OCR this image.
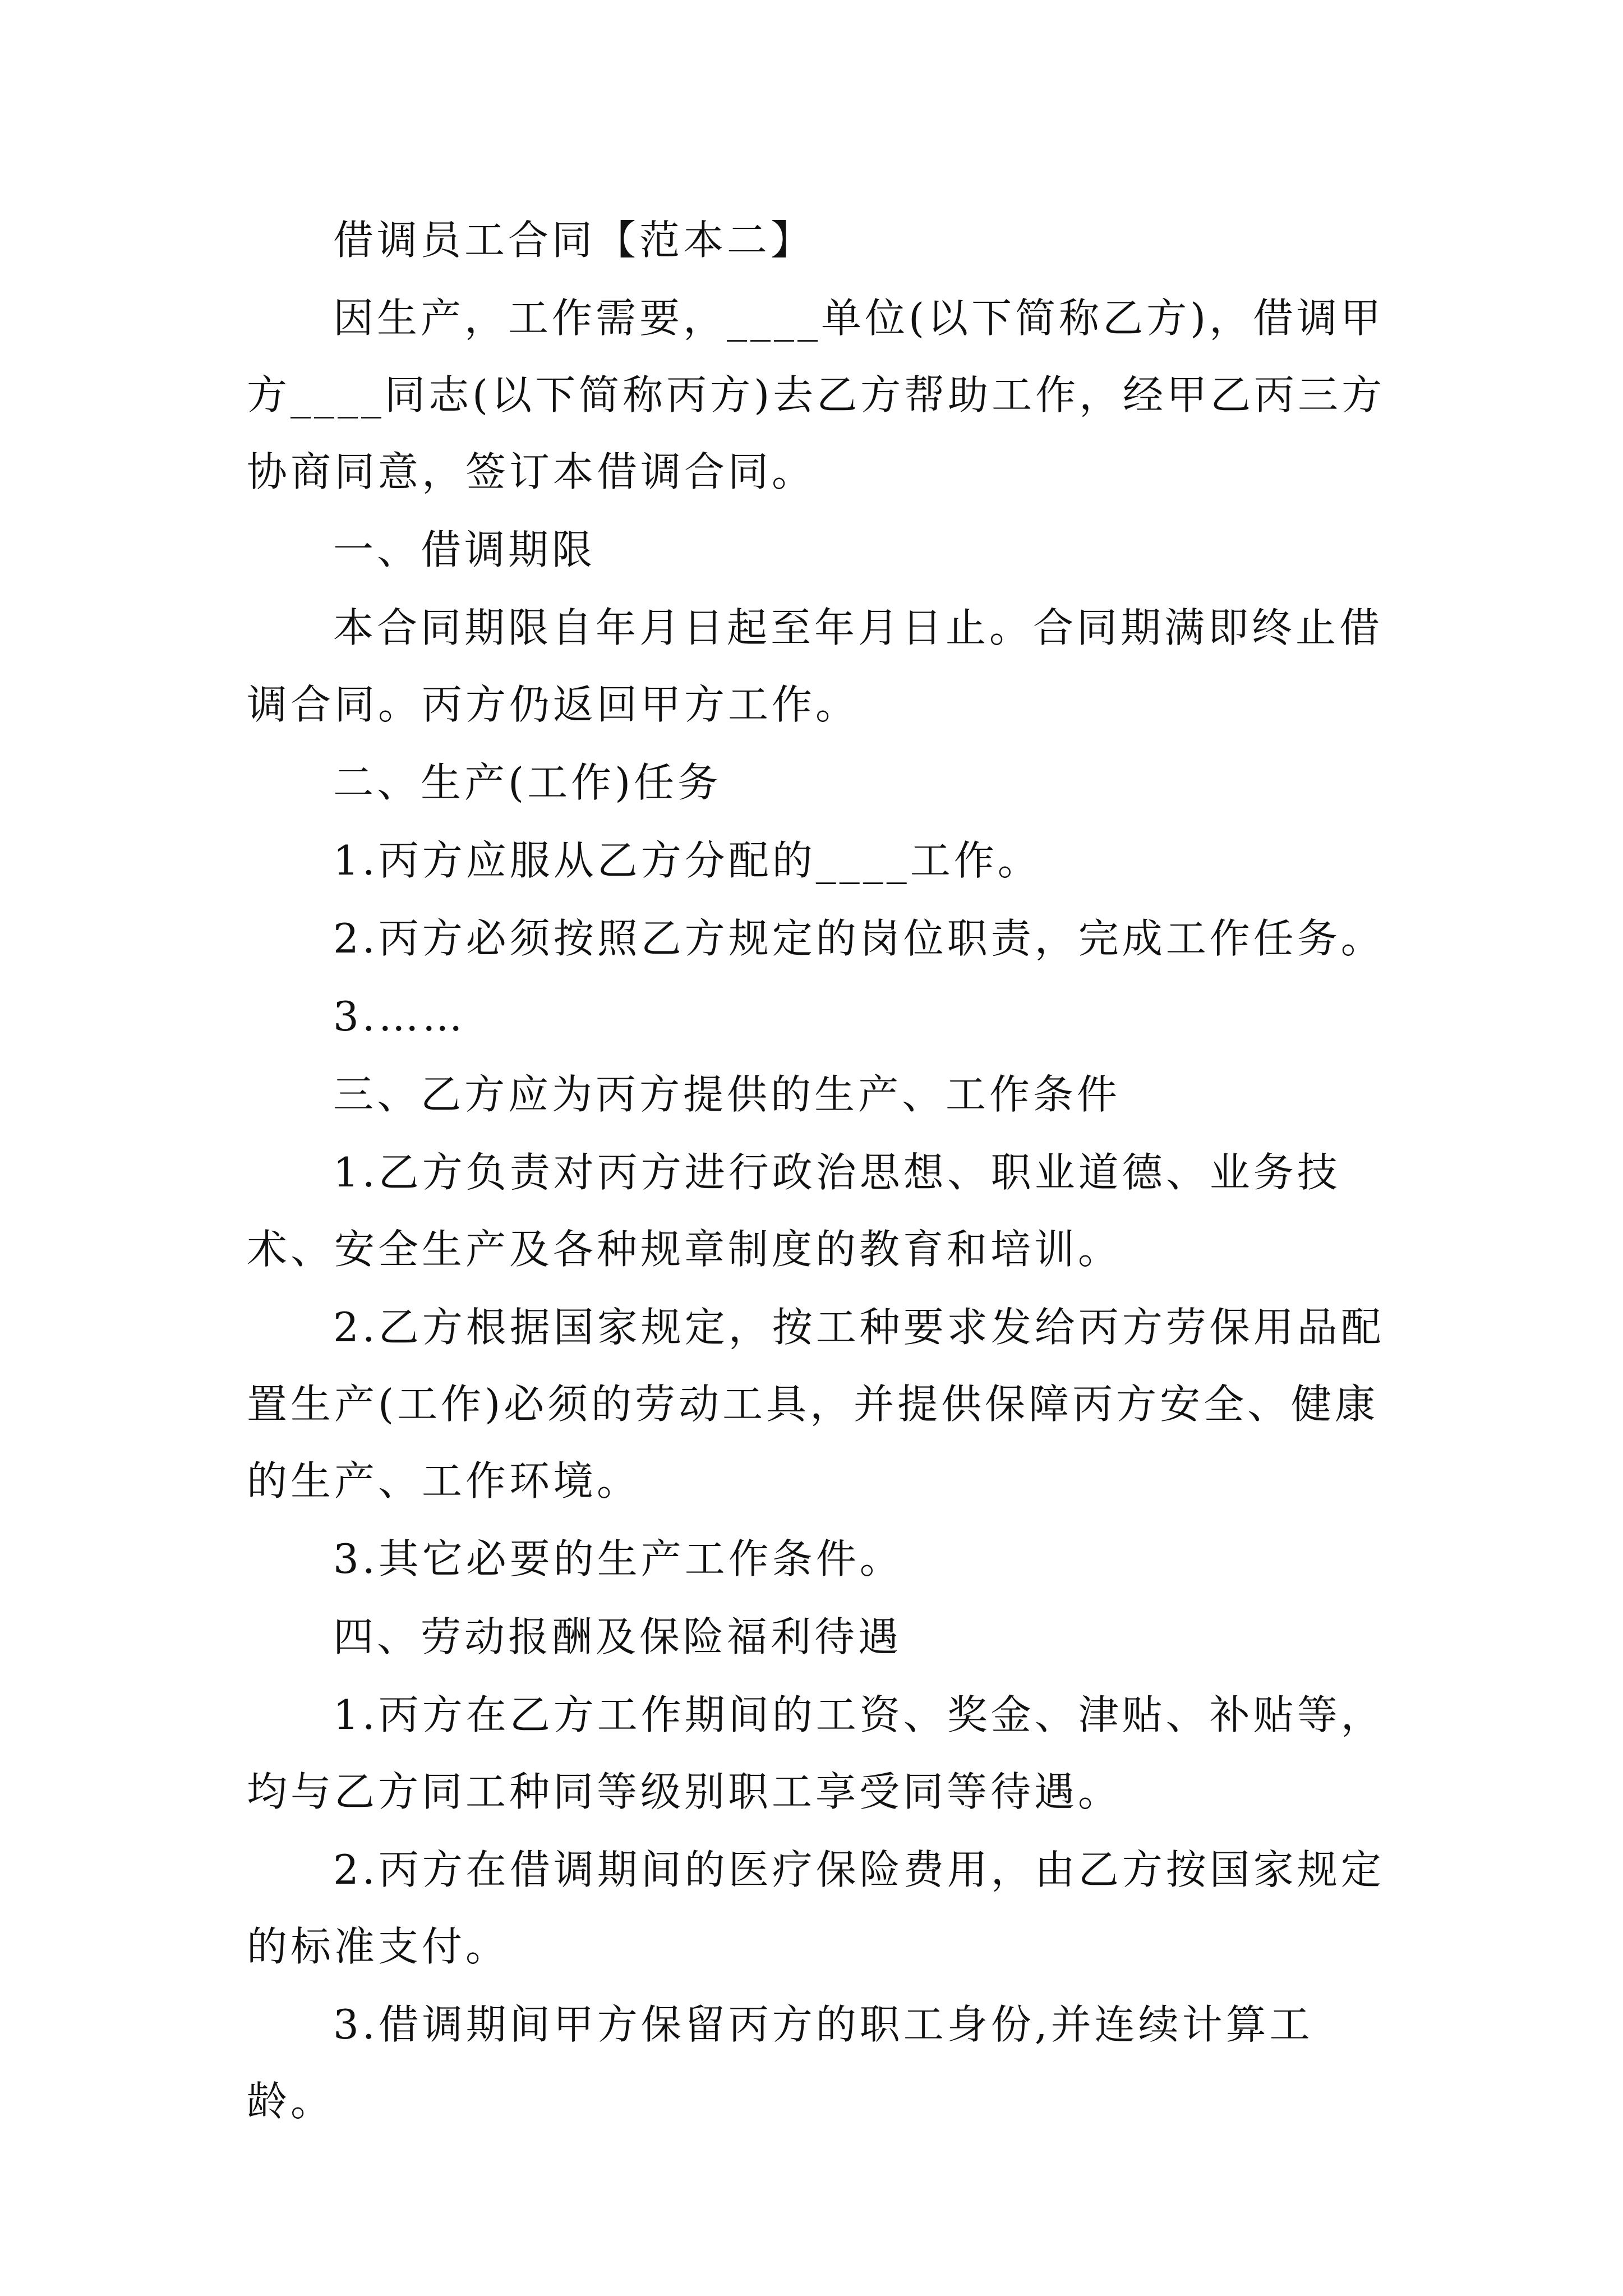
借调员工合同【范本二】

因生产，工作需要，____单位(以下简称乙方)，借调甲方____同志(以下简称丙方)去乙方帮助工作，经甲乙丙三方协商同意，签订本借调合同。

一、借调期限

本合同期限自年月日起至年月日止。合同期满即终止借调合同。丙方仍返回甲方工作。

二、生产(工作)任务

1.丙方应服从乙方分配的____工作。

2.丙方必须按照乙方规定的岗位职责，完成工作任务。

3.……

三、乙方应为丙方提供的生产、工作条件

1.乙方负责对丙方进行政治思想、职业道德、业务技术、安全生产及各种规章制度的教育和培训。

2.乙方根据国家规定，按工种要求发给丙方劳保用品配置生产(工作)必须的劳动工具，并提供保障丙方安全、健康的生产、工作环境。

3.其它必要的生产工作条件。

四、劳动报酬及保险福利待遇

1.丙方在乙方工作期间的工资、奖金、津贴、补贴等，均与乙方同工种同等级别职工享受同等待遇。

2.丙方在借调期间的医疗保险费用，由乙方按国家规定的标准支付。

3.借调期间甲方保留丙方的职工身份,并连续计算工龄。
